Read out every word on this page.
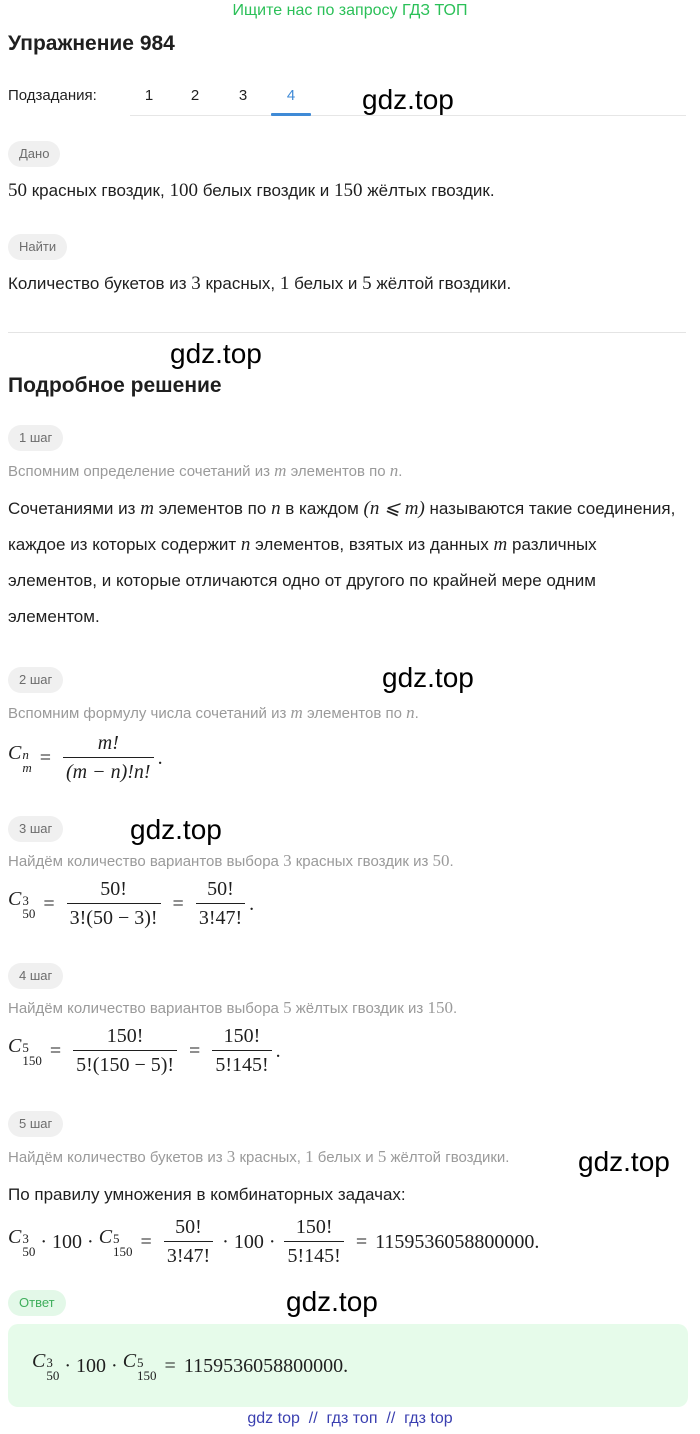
Ищите нас по запросу ГДЗ ТОП
Упражнение 984
Подзадания:	1	2	3	4	gdz.top
Дано
50 красных гвоздик, 100 белых гвоздик и 150 жёлтых гвоздик.
Найти
Количество букетов из 3 красных, 1 белых и 5 жёлтой гвоздики.
gdz.top
Подробное решение
1 шаг
Вспомним определение сочетаний из m элементов по n.
Сочетаниями из m элементов по n в каждом (n ⩽ m) называются такие соединения, каждое из которых содержит n элементов, взятых из данных m различных элементов, и которые отличаются одно от другого по крайней мере одним элементом.
gdz.top
2 шаг
Вспомним формулу числа сочетаний из m элементов по n.
C n
$m = \frac{m!}{(m - n)!n!}$ .
gdz.top
3 шаг
Найдём количество вариантов выбора 3 красных гвоздик из 50.
C 3
$50 = \frac{50!}{3!(50 - 3)!} = \frac{50!}{3!47!}$ .
4 шаг
Найдём количество вариантов выбора 5 жёлтых гвоздик из 150.
C 5
$150 = \frac{150!}{5!(150 - 5)!} = \frac{150!}{5!145!}$ .
5 шаг
Найдём количество букетов из 3 красных, 1 белых и 5 жёлтой гвоздики. gdz.top
По правилу умножения в комбинаторных задачах:
C 3
50 · 100 · C 5
$150 = \frac{50!}{3!47!} \cdot 100 \cdot \frac{150!}{5!145!} = 1159536058800000$ .
Ответ	gdz.top
C 3
50 · 100 · C 5
150 = 1159536058800000 .
gdz top  //  гдз топ  //  гдз top
